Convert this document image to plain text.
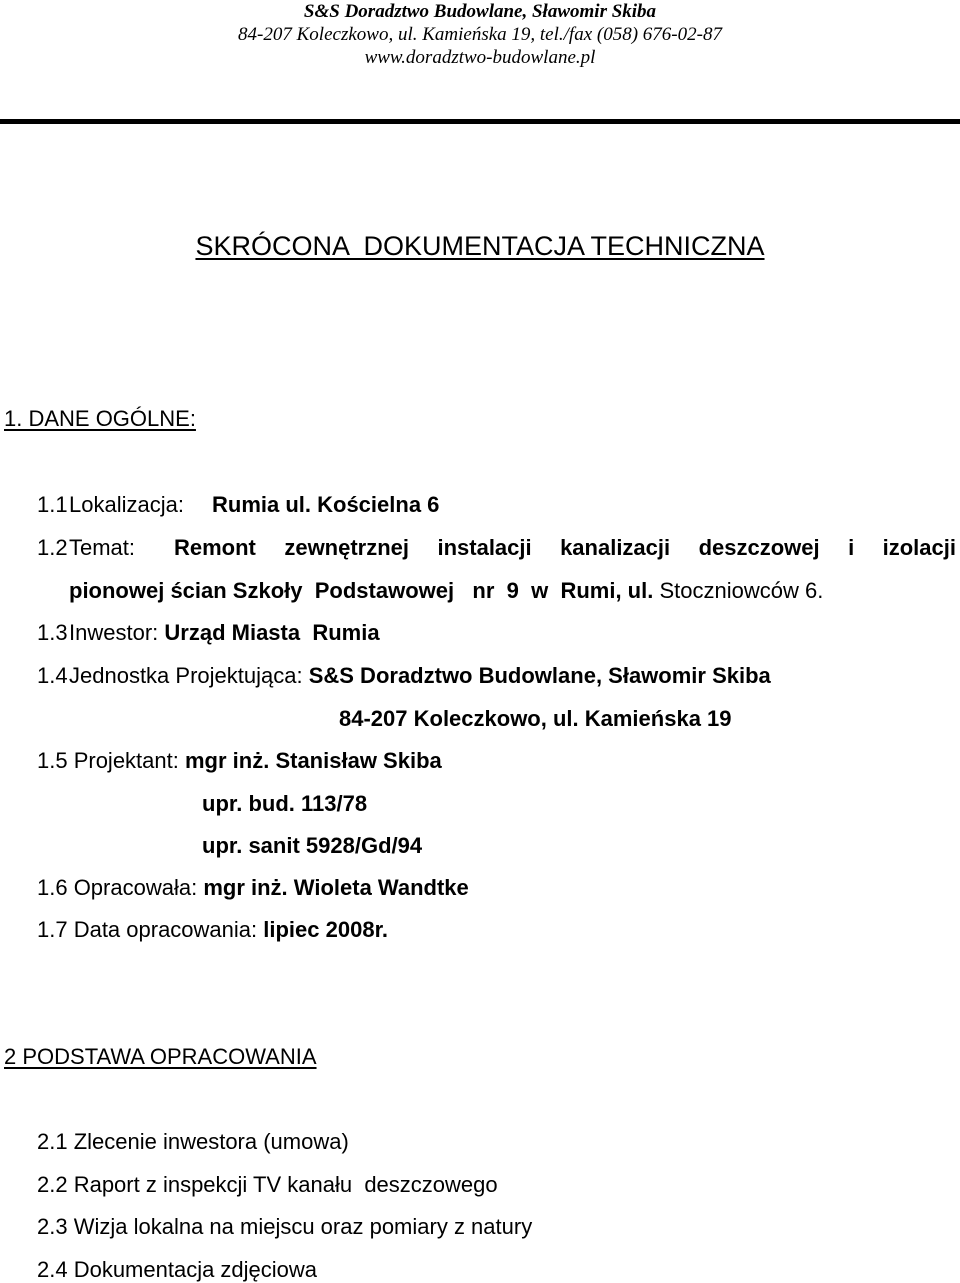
S&S Doradztwo Budowlane, Sławomir Skiba
84-207 Koleczkowo, ul. Kamieńska 19, tel./fax (058) 676-02-87
www.doradztwo-budowlane.pl
SKRÓCONA  DOKUMENTACJA TECHNICZNA
1. DANE OGÓLNE:
1.1 Lokalizacja: Rumia ul. Kościelna 6
1.2 Temat: Remont zewnętrznej instalacji kanalizacji deszczowej i izolacji
pionowej ścian Szkoły  Podstawowej   nr  9  w  Rumi, ul. Stoczniowców 6.
1.3 Inwestor: Urząd Miasta  Rumia
1.4 Jednostka Projektująca: S&S Doradztwo Budowlane, Sławomir Skiba
84-207 Koleczkowo, ul. Kamieńska 19
1.5 Projektant: mgr inż. Stanisław Skiba
upr. bud. 113/78
upr. sanit 5928/Gd/94
1.6 Opracowała: mgr inż. Wioleta Wandtke
1.7 Data opracowania: lipiec 2008r.
2 PODSTAWA OPRACOWANIA
2.1 Zlecenie inwestora (umowa)
2.2 Raport z inspekcji TV kanału  deszczowego
2.3 Wizja lokalna na miejscu oraz pomiary z natury
2.4 Dokumentacja zdjęciowa
